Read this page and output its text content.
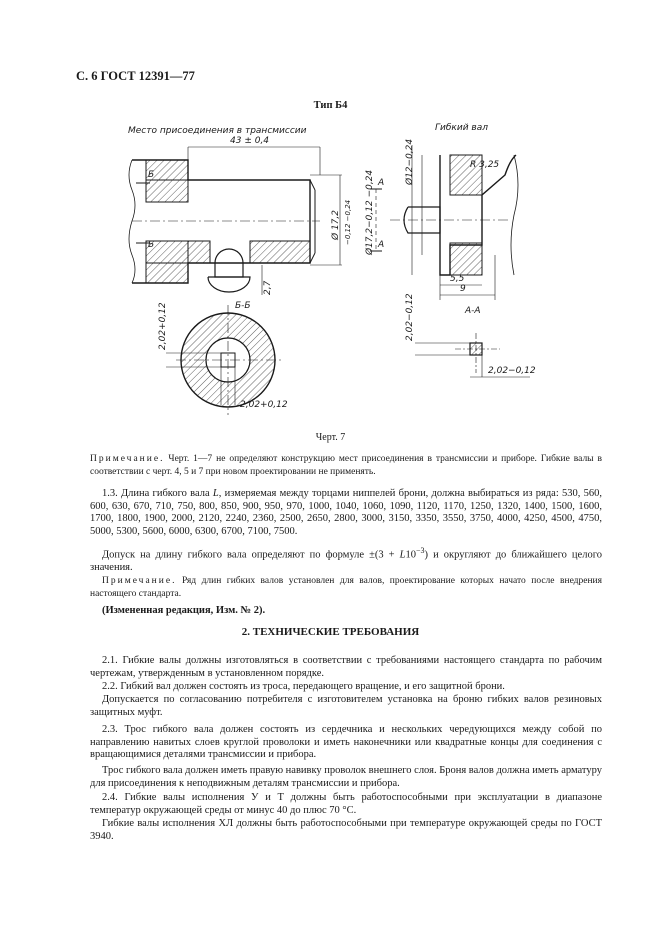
С. 6 ГОСТ 12391—77
Тип Б4
Место присоединения в трансмиссии	Гибкий вал
43 ± 0,4	Ø12−0,24	R 3,25
Ø 17,2 −0,12 −0,24 Ø17,2−0,12 −0,24
5,5
9
2,7
Б
Б
А
А
Б-Б	А-А
2,02+0,12
2,02+0,12
2,02−0,12
2,02−0,12
Черт. 7
Примечание. Черт. 1—7 не определяют конструкцию мест присоединения в трансмиссии и приборе. Гибкие валы в соответствии с черт. 4, 5 и 7 при новом проектировании не применять.
1.3. Длина гибкого вала L, измеряемая между торцами ниппелей брони, должна выбираться из ряда: 530, 560, 600, 630, 670, 710, 750, 800, 850, 900, 950, 970, 1000, 1040, 1060, 1090, 1120, 1170, 1250, 1320, 1400, 1500, 1600, 1700, 1800, 1900, 2000, 2120, 2240, 2360, 2500, 2650, 2800, 3000, 3150, 3350, 3550, 3750, 4000, 4250, 4500, 4750, 5000, 5300, 5600, 6000, 6300, 6700, 7100, 7500.
Допуск на длину гибкого вала определяют по формуле $\pm(3 + L10^{-3})$ и округляют до ближайшего целого значения.
Примечание. Ряд длин гибких валов установлен для валов, проектирование которых начато после внедрения настоящего стандарта.
(Измененная редакция, Изм. № 2).
2. ТЕХНИЧЕСКИЕ ТРЕБОВАНИЯ
2.1. Гибкие валы должны изготовляться в соответствии с требованиями настоящего стандарта по рабочим чертежам, утвержденным в установленном порядке.
2.2. Гибкий вал должен состоять из троса, передающего вращение, и его защитной брони.
Допускается по согласованию потребителя с изготовителем установка на броню гибких валов резиновых защитных муфт.
2.3. Трос гибкого вала должен состоять из сердечника и нескольких чередующихся между собой по направлению навитых слоев круглой проволоки и иметь наконечники или квадратные концы для соединения с вращающимися деталями трансмиссии и прибора.
Трос гибкого вала должен иметь правую навивку проволок внешнего слоя. Броня валов должна иметь арматуру для присоединения к неподвижным деталям трансмиссии и прибора.
2.4. Гибкие валы исполнения У и Т должны быть работоспособными при эксплуатации в диапазоне температур окружающей среды от минус 40 до плюс 70 °С.
Гибкие валы исполнения ХЛ должны быть работоспособными при температуре окружающей среды по ГОСТ 3940.
